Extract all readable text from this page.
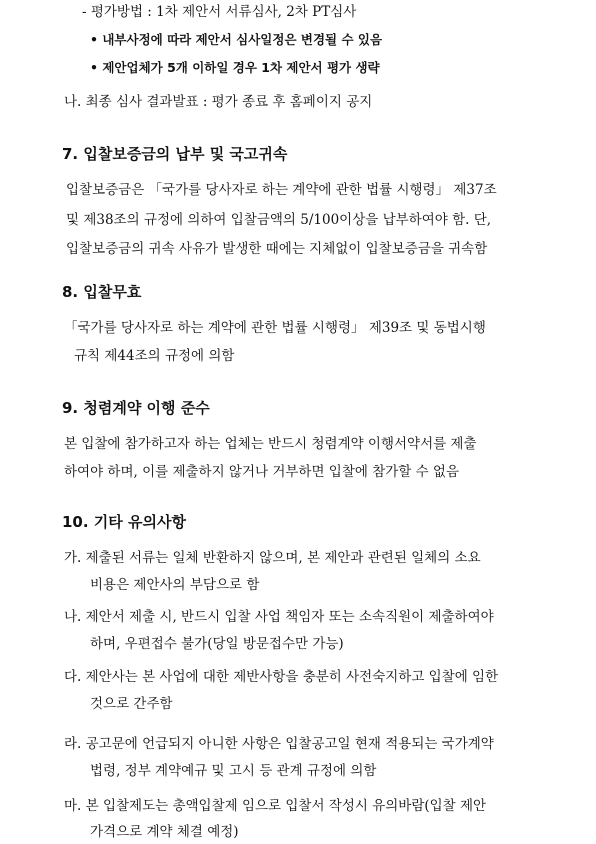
- 평가방법 : 1차 제안서 서류심사, 2차 PT심사
• 내부사정에 따라 제안서 심사일정은 변경될 수 있음
• 제안업체가 5개 이하일 경우 1차 제안서 평가 생략
나. 최종 심사 결과발표 : 평가 종료 후 홈페이지 공지
7. 입찰보증금의 납부 및 국고귀속
입찰보증금은 「국가를 당사자로 하는 계약에 관한 법률 시행령」 제37조
및 제38조의 규정에 의하여 입찰금액의 5/100이상을 납부하여야 함. 단,
입찰보증금의 귀속 사유가 발생한 때에는 지체없이 입찰보증금을 귀속함
8. 입찰무효
「국가를 당사자로 하는 계약에 관한 법률 시행령」 제39조 및 동법시행
규칙 제44조의 규정에 의함
9. 청렴계약 이행 준수
본 입찰에 참가하고자 하는 업체는 반드시 청렴계약 이행서약서를 제출
하여야 하며, 이를 제출하지 않거나 거부하면 입찰에 참가할 수 없음
10. 기타 유의사항
가. 제출된 서류는 일체 반환하지 않으며, 본 제안과 관련된 일체의 소요
비용은 제안사의 부담으로 함
나. 제안서 제출 시, 반드시 입찰 사업 책임자 또는 소속직원이 제출하여야
하며, 우편접수 불가(당일 방문접수만 가능)
다. 제안사는 본 사업에 대한 제반사항을 충분히 사전숙지하고 입찰에 임한
것으로 간주함
라. 공고문에 언급되지 아니한 사항은 입찰공고일 현재 적용되는 국가계약
법령, 정부 계약예규 및 고시 등 관계 규정에 의함
마. 본 입찰제도는 총액입찰제 임으로 입찰서 작성시 유의바람(입찰 제안
가격으로 계약 체결 예정)
